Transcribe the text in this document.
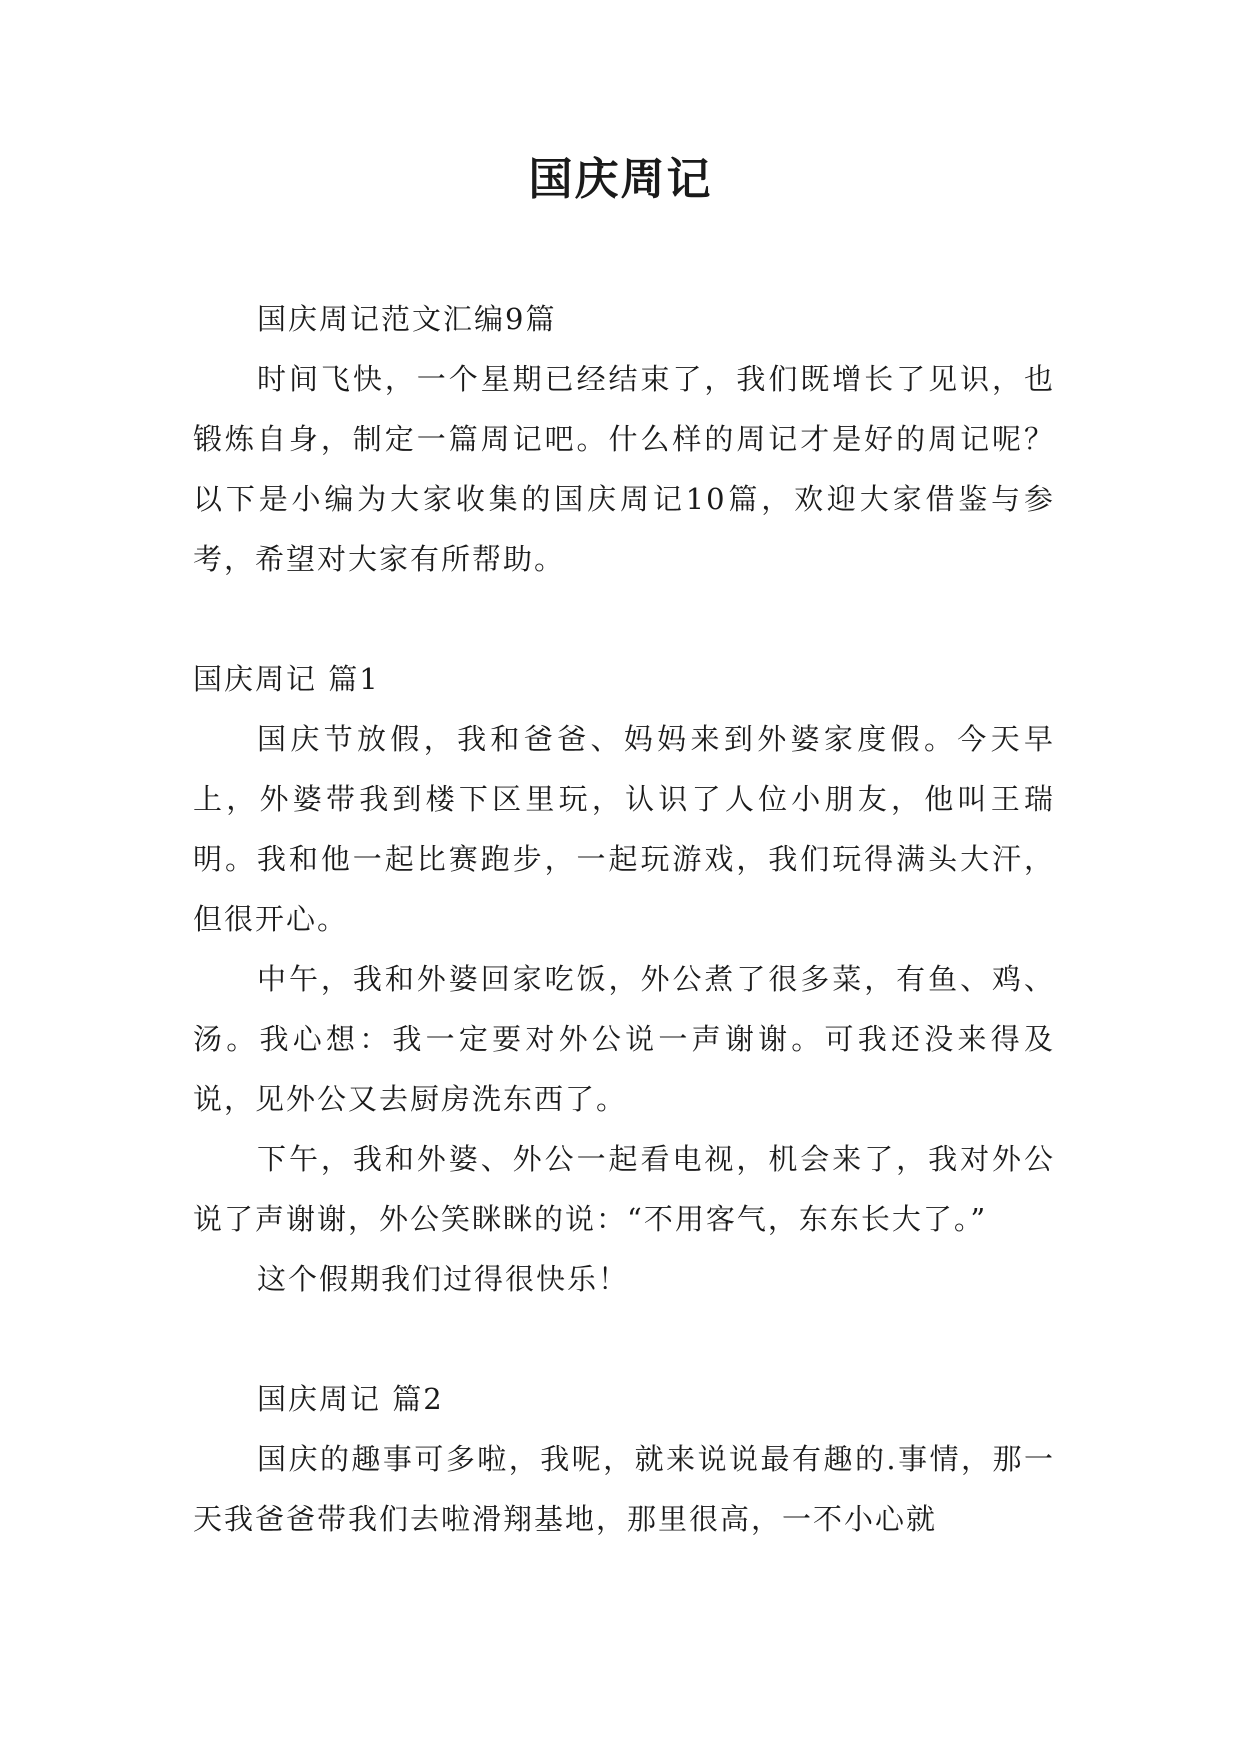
国庆周记

国庆周记范文汇编9篇

时间飞快，一个星期已经结束了，我们既增长了见识，也锻炼自身，制定一篇周记吧。什么样的周记才是好的周记呢？以下是小编为大家收集的国庆周记10篇，欢迎大家借鉴与参考，希望对大家有所帮助。

国庆周记 篇1

国庆节放假，我和爸爸、妈妈来到外婆家度假。今天早上，外婆带我到楼下区里玩，认识了人位小朋友，他叫王瑞明。我和他一起比赛跑步，一起玩游戏，我们玩得满头大汗，但很开心。

中午，我和外婆回家吃饭，外公煮了很多菜，有鱼、鸡、汤。我心想：我一定要对外公说一声谢谢。可我还没来得及说，见外公又去厨房洗东西了。

下午，我和外婆、外公一起看电视，机会来了，我对外公说了声谢谢，外公笑眯眯的说：“不用客气，东东长大了。”

这个假期我们过得很快乐！

国庆周记 篇2

国庆的趣事可多啦，我呢，就来说说最有趣的.事情，那一天我爸爸带我们去啦滑翔基地，那里很高，一不小心就
